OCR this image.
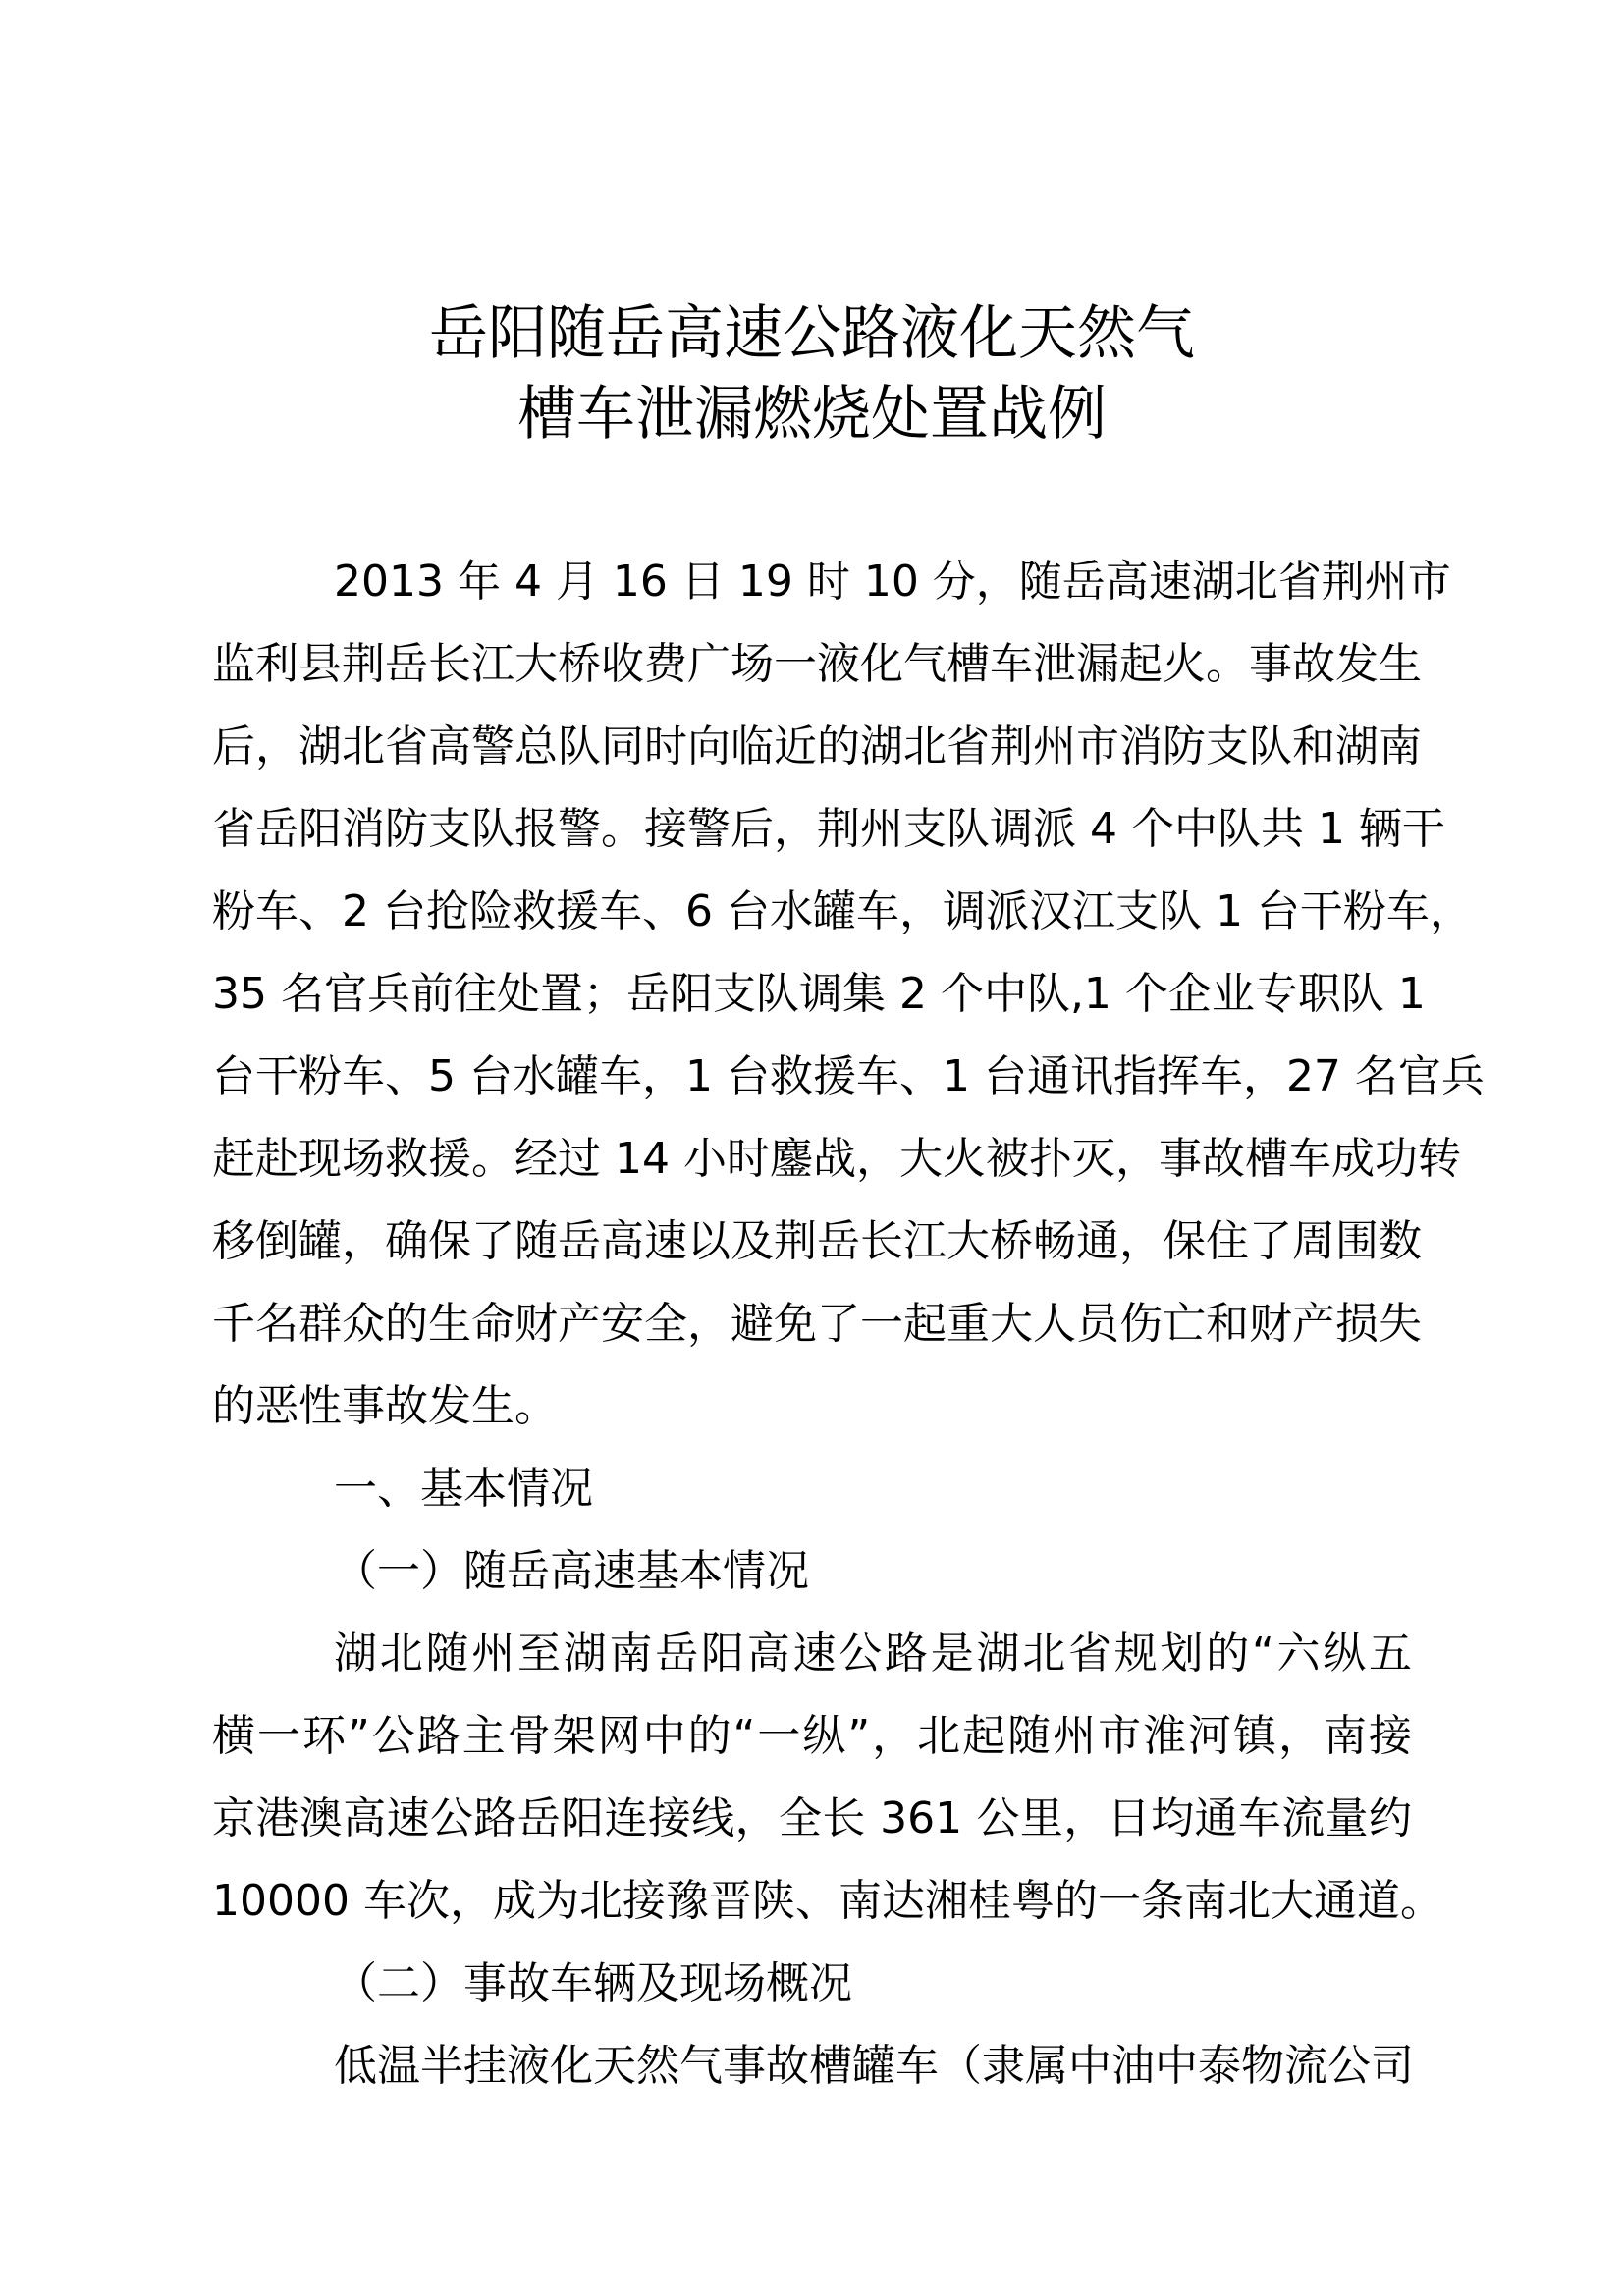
岳阳随岳高速公路液化天然气
槽车泄漏燃烧处置战例
2013 年 4 月 16 日 19 时 10 分，随岳高速湖北省荆州市
监利县荆岳长江大桥收费广场一液化气槽车泄漏起火。事故发生
后，湖北省高警总队同时向临近的湖北省荆州市消防支队和湖南
省岳阳消防支队报警。接警后，荆州支队调派 4 个中队共 1 辆干
粉车、2 台抢险救援车、6 台水罐车，调派汉江支队 1 台干粉车，
35 名官兵前往处置；岳阳支队调集 2 个中队,1 个企业专职队 1
台干粉车、5 台水罐车，1 台救援车、1 台通讯指挥车，27 名官兵
赶赴现场救援。经过 14 小时鏖战，大火被扑灭，事故槽车成功转
移倒罐，确保了随岳高速以及荆岳长江大桥畅通，保住了周围数
千名群众的生命财产安全，避免了一起重大人员伤亡和财产损失
的恶性事故发生。
一、基本情况
（一）随岳高速基本情况
湖北随州至湖南岳阳高速公路是湖北省规划的“六纵五
横一环”公路主骨架网中的“一纵”，北起随州市淮河镇，南接
京港澳高速公路岳阳连接线，全长 361 公里，日均通车流量约
10000 车次，成为北接豫晋陕、南达湘桂粤的一条南北大通道。
（二）事故车辆及现场概况
低温半挂液化天然气事故槽罐车（隶属中油中泰物流公司
